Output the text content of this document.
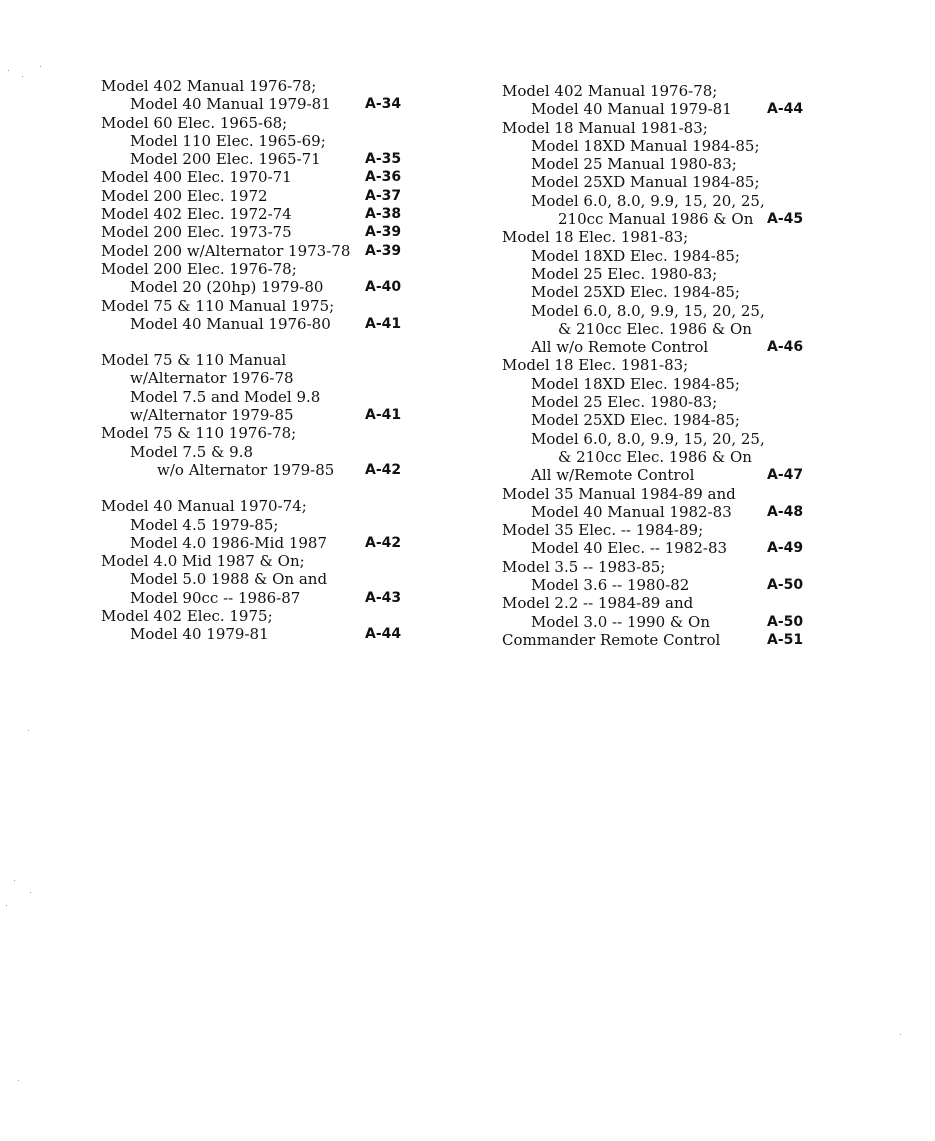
Model 402 Manual 1976-78;
Model 40 Manual 1979-81 A-34
Model 60 Elec. 1965-68;
Model 110 Elec. 1965-69;
Model 200 Elec. 1965-71	A-35
Model 400 Elec. 1970-71	A-36
Model 200 Elec. 1972	A-37
Model 402 Elec. 1972-74	A-38
Model 200 Elec. 1973-75	A-39
Model 200 w/Alternator 1973-78 A-39
Model 200 Elec. 1976-78;
Model 20 (20hp) 1979-80	A-40
Model 75 & 110 Manual 1975;
Model 40 Manual 1976-80 A-41
Model 75 & 110 Manual
w/Alternator 1976-78
Model 7.5 and Model 9.8
w/Alternator 1979-85	A-41
Model 75 & 110 1976-78;
Model 7.5 & 9.8
w/o Alternator 1979-85 A-42
Model 40 Manual 1970-74;
Model 4.5 1979-85;
Model 4.0 1986-Mid 1987	A-42
Model 4.0 Mid 1987 & On;
Model 5.0 1988 & On and
Model 90cc -- 1986-87	A-43
Model 402 Elec. 1975;
Model 40 1979-81	A-44
Model 402 Manual 1976-78;
Model 40 Manual 1979-81	A-44
Model 18 Manual 1981-83;
Model 18XD Manual 1984-85;
Model 25 Manual 1980-83;
Model 25XD Manual 1984-85;
Model 6.0, 8.0, 9.9, 15, 20, 25,
210cc Manual 1986 & On A-45
Model 18 Elec. 1981-83;
Model 18XD Elec. 1984-85;
Model 25 Elec. 1980-83;
Model 25XD Elec. 1984-85;
Model 6.0, 8.0, 9.9, 15, 20, 25,
& 210cc Elec. 1986 & On
All w/o Remote Control	A-46
Model 18 Elec. 1981-83;
Model 18XD Elec. 1984-85;
Model 25 Elec. 1980-83;
Model 25XD Elec. 1984-85;
Model 6.0, 8.0, 9.9, 15, 20, 25,
& 210cc Elec. 1986 & On
All w/Remote Control	A-47
Model 35 Manual 1984-89 and
Model 40 Manual 1982-83	A-48
Model 35 Elec. -- 1984-89;
Model 40 Elec. -- 1982-83	A-49
Model 3.5 -- 1983-85;
Model 3.6 -- 1980-82	A-50
Model 2.2 -- 1984-89 and
Model 3.0 -- 1990 & On	A-50
Commander Remote Control	A-51
